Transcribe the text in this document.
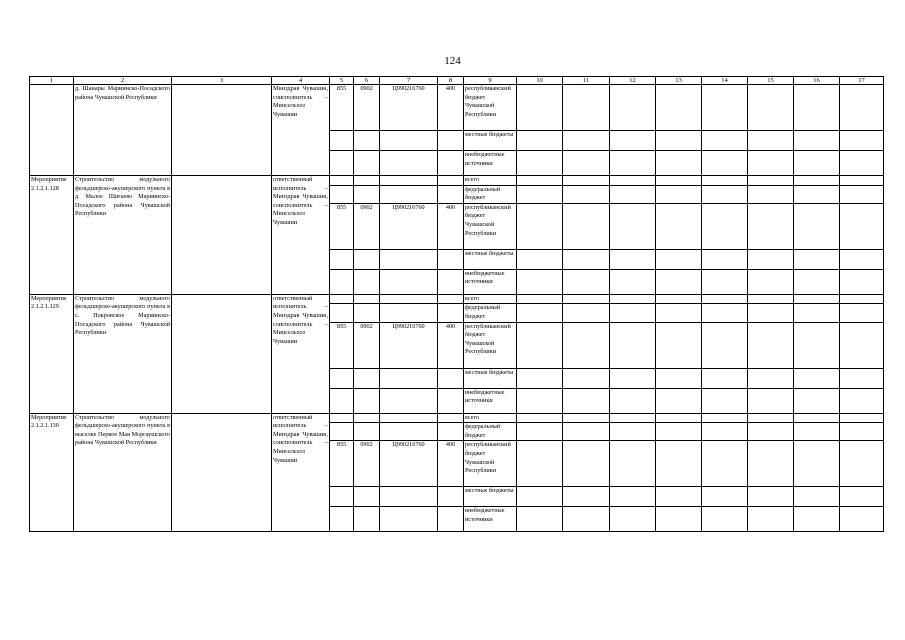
124
1	2	3	4	5	6	7	8	9	10	11	12	13	14	15	16	17
	д. Шанары Мариинско-Посадского района Чувашской Республики		Минздрав Чувашии, соисполнитель – Минсельхоз Чувашии	855	0902	Ц990216760	400	республиканский бюджет Чувашской Республики								
								местные бюджеты								
								внебюджетные источники								
Мероприятие 2.1.2.1.128	Строительство модульного фельдшерско-акушерского пункта в д. Малое Шигаево Мариинско-Посадского района Чувашской Республики		ответственный исполнитель – Минздрав Чувашии, соисполнитель – Минсельхоз Чувашии					всего								
								федеральный бюджет								
				855	0902	Ц990216760	400	республиканский бюджет Чувашской Республики								
								местные бюджеты								
								внебюджетные источники								
Мероприятие 2.1.2.1.129	Строительство модульного фельдшерско-акушерского пункта в с. Покровское Мариинско-Посадского района Чувашской Республики		ответственный исполнитель – Минздрав Чувашии, соисполнитель – Минсельхоз Чувашии					всего								
								федеральный бюджет								
				855	0902	Ц990216760	400	республиканский бюджет Чувашской Республики								
								местные бюджеты								
								внебюджетные источники								
Мероприятие 2.1.2.1.130	Строительство модульного фельдшерско-акушерского пункта в выселке Первое Мая Моргаушского района Чувашской Республики		ответственный исполнитель – Минздрав Чувашии, соисполнитель – Минсельхоз Чувашии					всего								
								федеральный бюджет								
				855	0902	Ц990216760	400	республиканский бюджет Чувашской Республики								
								местные бюджеты								
								внебюджетные источники								
